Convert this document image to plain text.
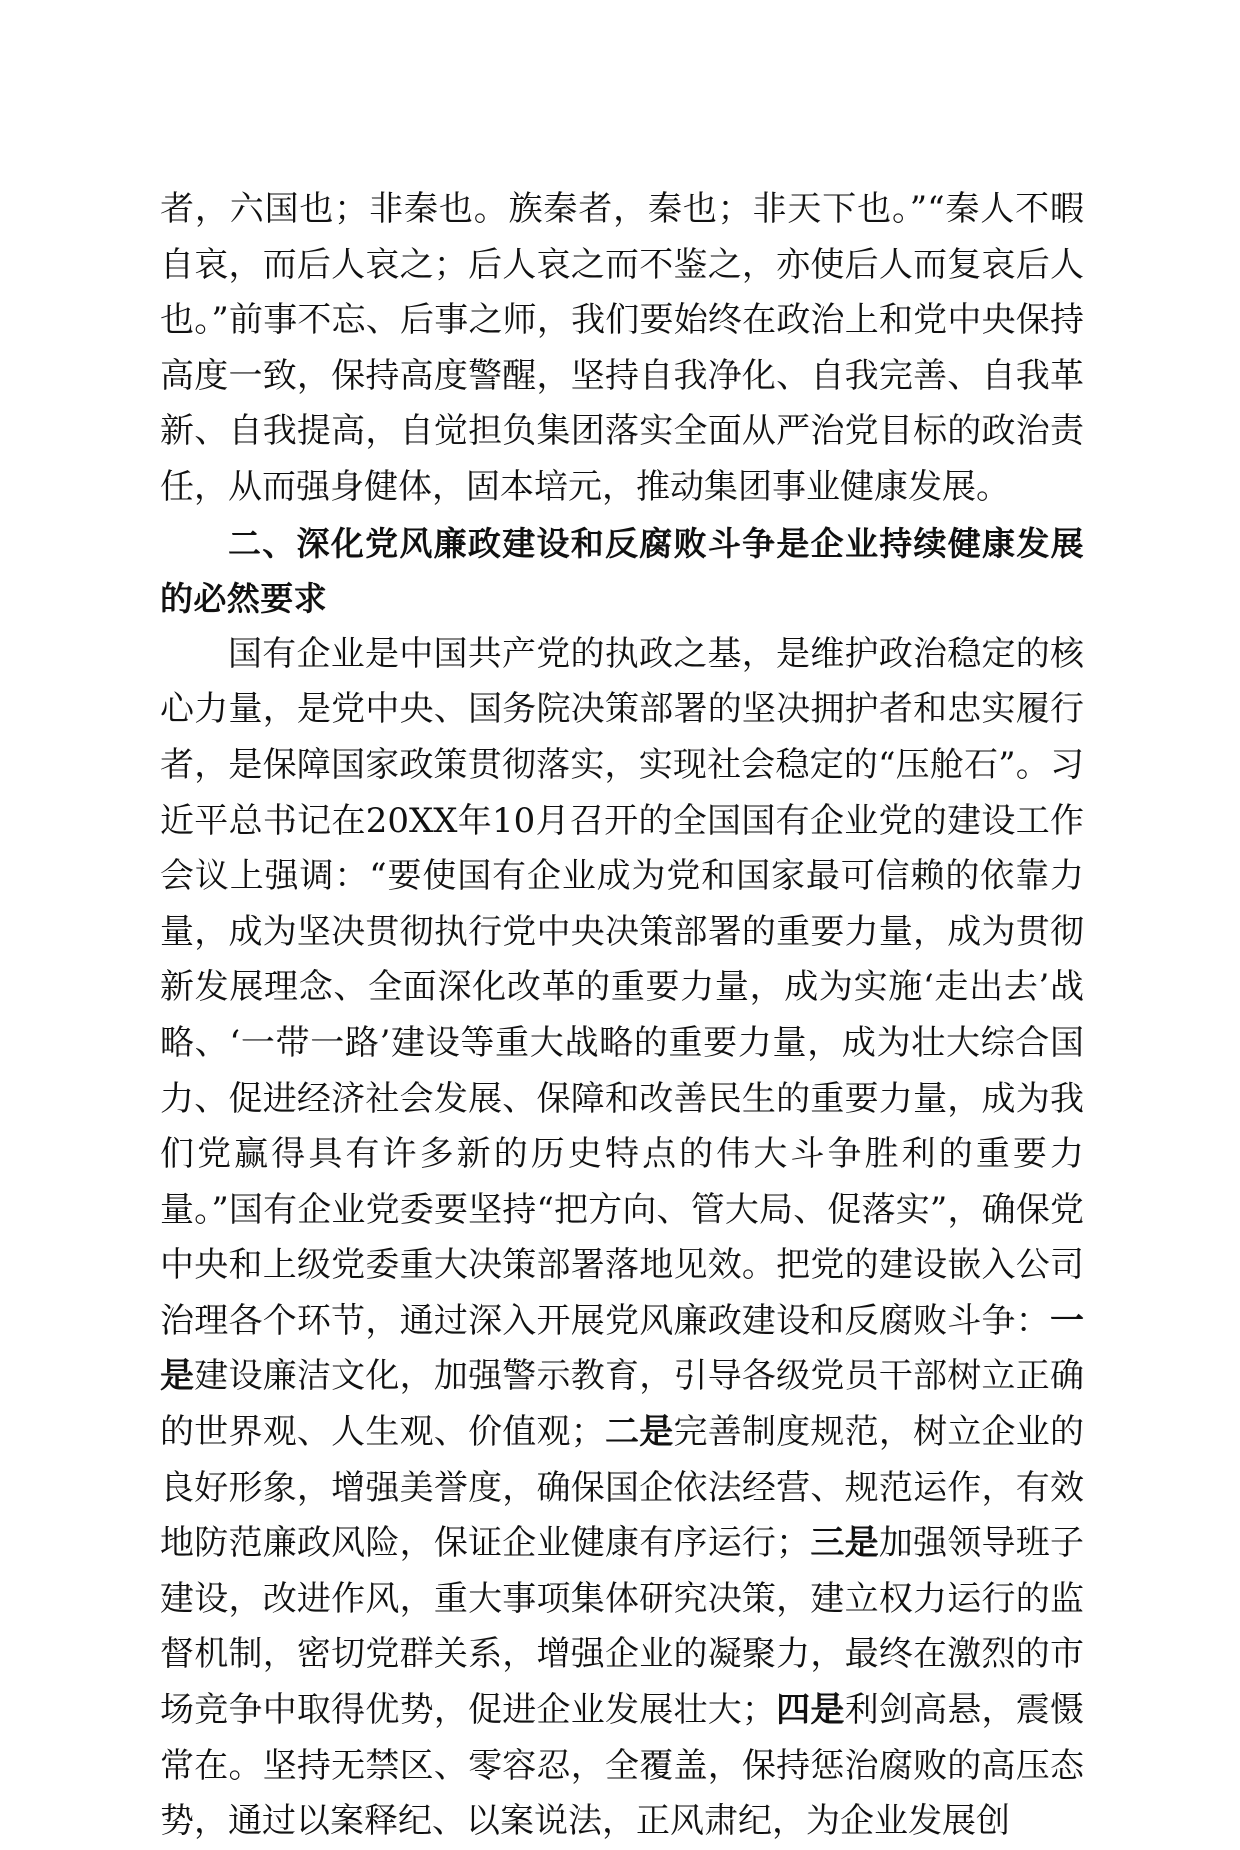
者，六国也；非秦也。族秦者，秦也；非天下也。”“秦人不暇自哀，而后人哀之；后人哀之而不鉴之，亦使后人而复哀后人也。”前事不忘、后事之师，我们要始终在政治上和党中央保持高度一致，保持高度警醒，坚持自我净化、自我完善、自我革新、自我提高，自觉担负集团落实全面从严治党目标的政治责任，从而强身健体，固本培元，推动集团事业健康发展。

二、深化党风廉政建设和反腐败斗争是企业持续健康发展的必然要求

国有企业是中国共产党的执政之基，是维护政治稳定的核心力量，是党中央、国务院决策部署的坚决拥护者和忠实履行者，是保障国家政策贯彻落实，实现社会稳定的“压舱石”。习近平总书记在20XX年10月召开的全国国有企业党的建设工作会议上强调：“要使国有企业成为党和国家最可信赖的依靠力量，成为坚决贯彻执行党中央决策部署的重要力量，成为贯彻新发展理念、全面深化改革的重要力量，成为实施‘走出去’战略、‘一带一路’建设等重大战略的重要力量，成为壮大综合国力、促进经济社会发展、保障和改善民生的重要力量，成为我们党赢得具有许多新的历史特点的伟大斗争胜利的重要力量。”国有企业党委要坚持“把方向、管大局、促落实”，确保党中央和上级党委重大决策部署落地见效。把党的建设嵌入公司治理各个环节，通过深入开展党风廉政建设和反腐败斗争：一是建设廉洁文化，加强警示教育，引导各级党员干部树立正确的世界观、人生观、价值观；二是完善制度规范，树立企业的良好形象，增强美誉度，确保国企依法经营、规范运作，有效地防范廉政风险，保证企业健康有序运行；三是加强领导班子建设，改进作风，重大事项集体研究决策，建立权力运行的监督机制，密切党群关系，增强企业的凝聚力，最终在激烈的市场竞争中取得优势，促进企业发展壮大；四是利剑高悬，震慑常在。坚持无禁区、零容忍，全覆盖，保持惩治腐败的高压态势，通过以案释纪、以案说法，正风肃纪，为企业发展创
